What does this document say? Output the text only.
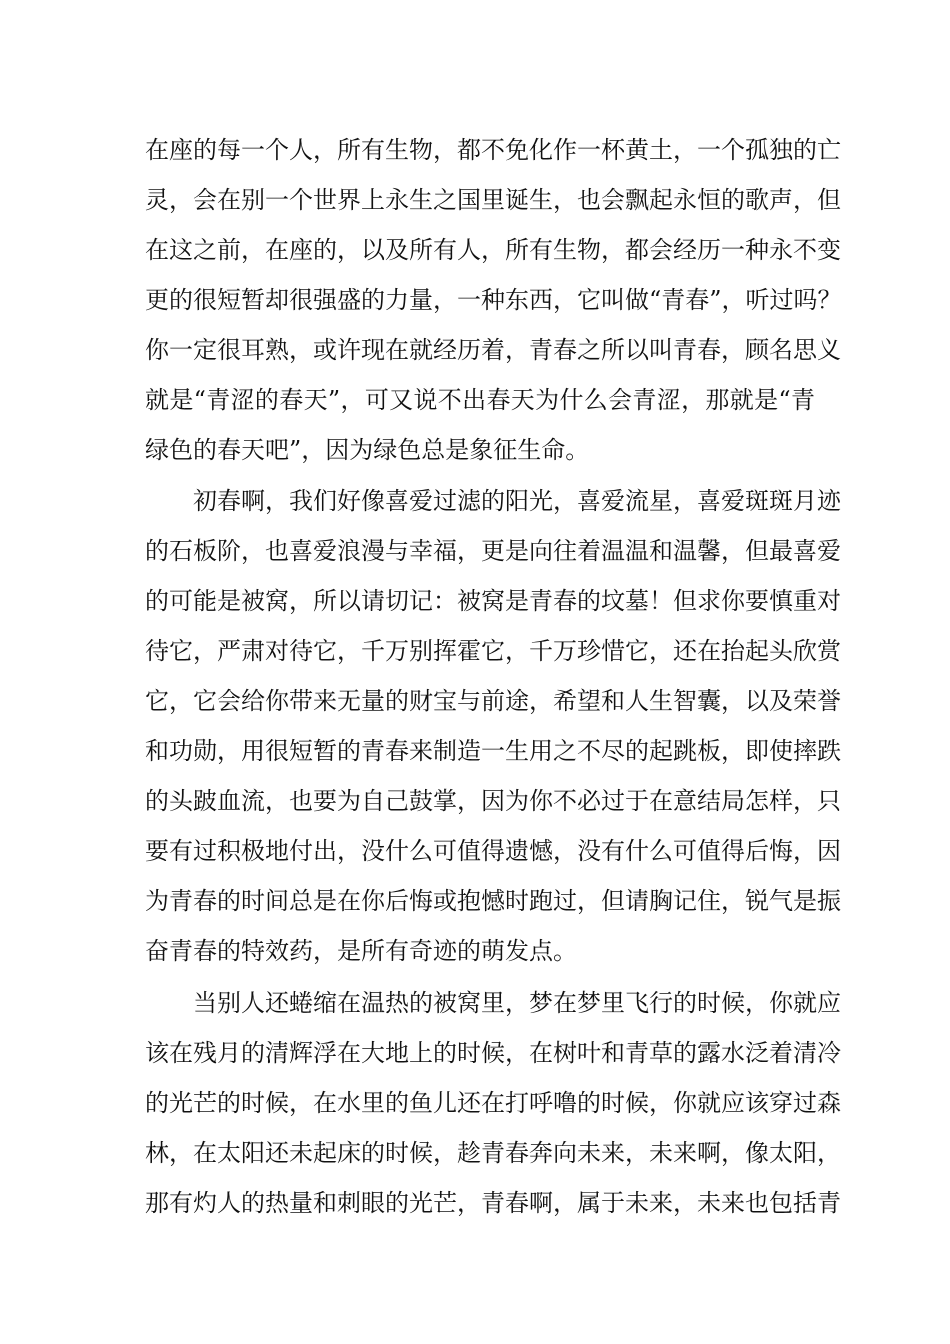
在座的每一个人，所有生物，都不免化作一杯黄土，一个孤独的亡
灵，会在别一个世界上永生之国里诞生，也会飘起永恒的歌声，但
在这之前，在座的，以及所有人，所有生物，都会经历一种永不变
更的很短暂却很强盛的力量，一种东西，它叫做“青春”，听过吗？
你一定很耳熟，或许现在就经历着，青春之所以叫青春，顾名思义
就是“青涩的春天”，可又说不出春天为什么会青涩，那就是“青
绿色的春天吧”，因为绿色总是象征生命。
初春啊，我们好像喜爱过滤的阳光，喜爱流星，喜爱斑斑月迹
的石板阶，也喜爱浪漫与幸福，更是向往着温温和温馨，但最喜爱
的可能是被窝，所以请切记：被窝是青春的坟墓！但求你要慎重对
待它，严肃对待它，千万别挥霍它，千万珍惜它，还在抬起头欣赏
它，它会给你带来无量的财宝与前途，希望和人生智囊，以及荣誉
和功勋，用很短暂的青春来制造一生用之不尽的起跳板，即使摔跌
的头跛血流，也要为自己鼓掌，因为你不必过于在意结局怎样，只
要有过积极地付出，没什么可值得遗憾，没有什么可值得后悔，因
为青春的时间总是在你后悔或抱憾时跑过，但请胸记住，锐气是振
奋青春的特效药，是所有奇迹的萌发点。
当别人还蜷缩在温热的被窝里，梦在梦里飞行的时候，你就应
该在残月的清辉浮在大地上的时候，在树叶和青草的露水泛着清冷
的光芒的时候，在水里的鱼儿还在打呼噜的时候，你就应该穿过森
林，在太阳还未起床的时候，趁青春奔向未来，未来啊，像太阳，
那有灼人的热量和刺眼的光芒，青春啊，属于未来，未来也包括青
